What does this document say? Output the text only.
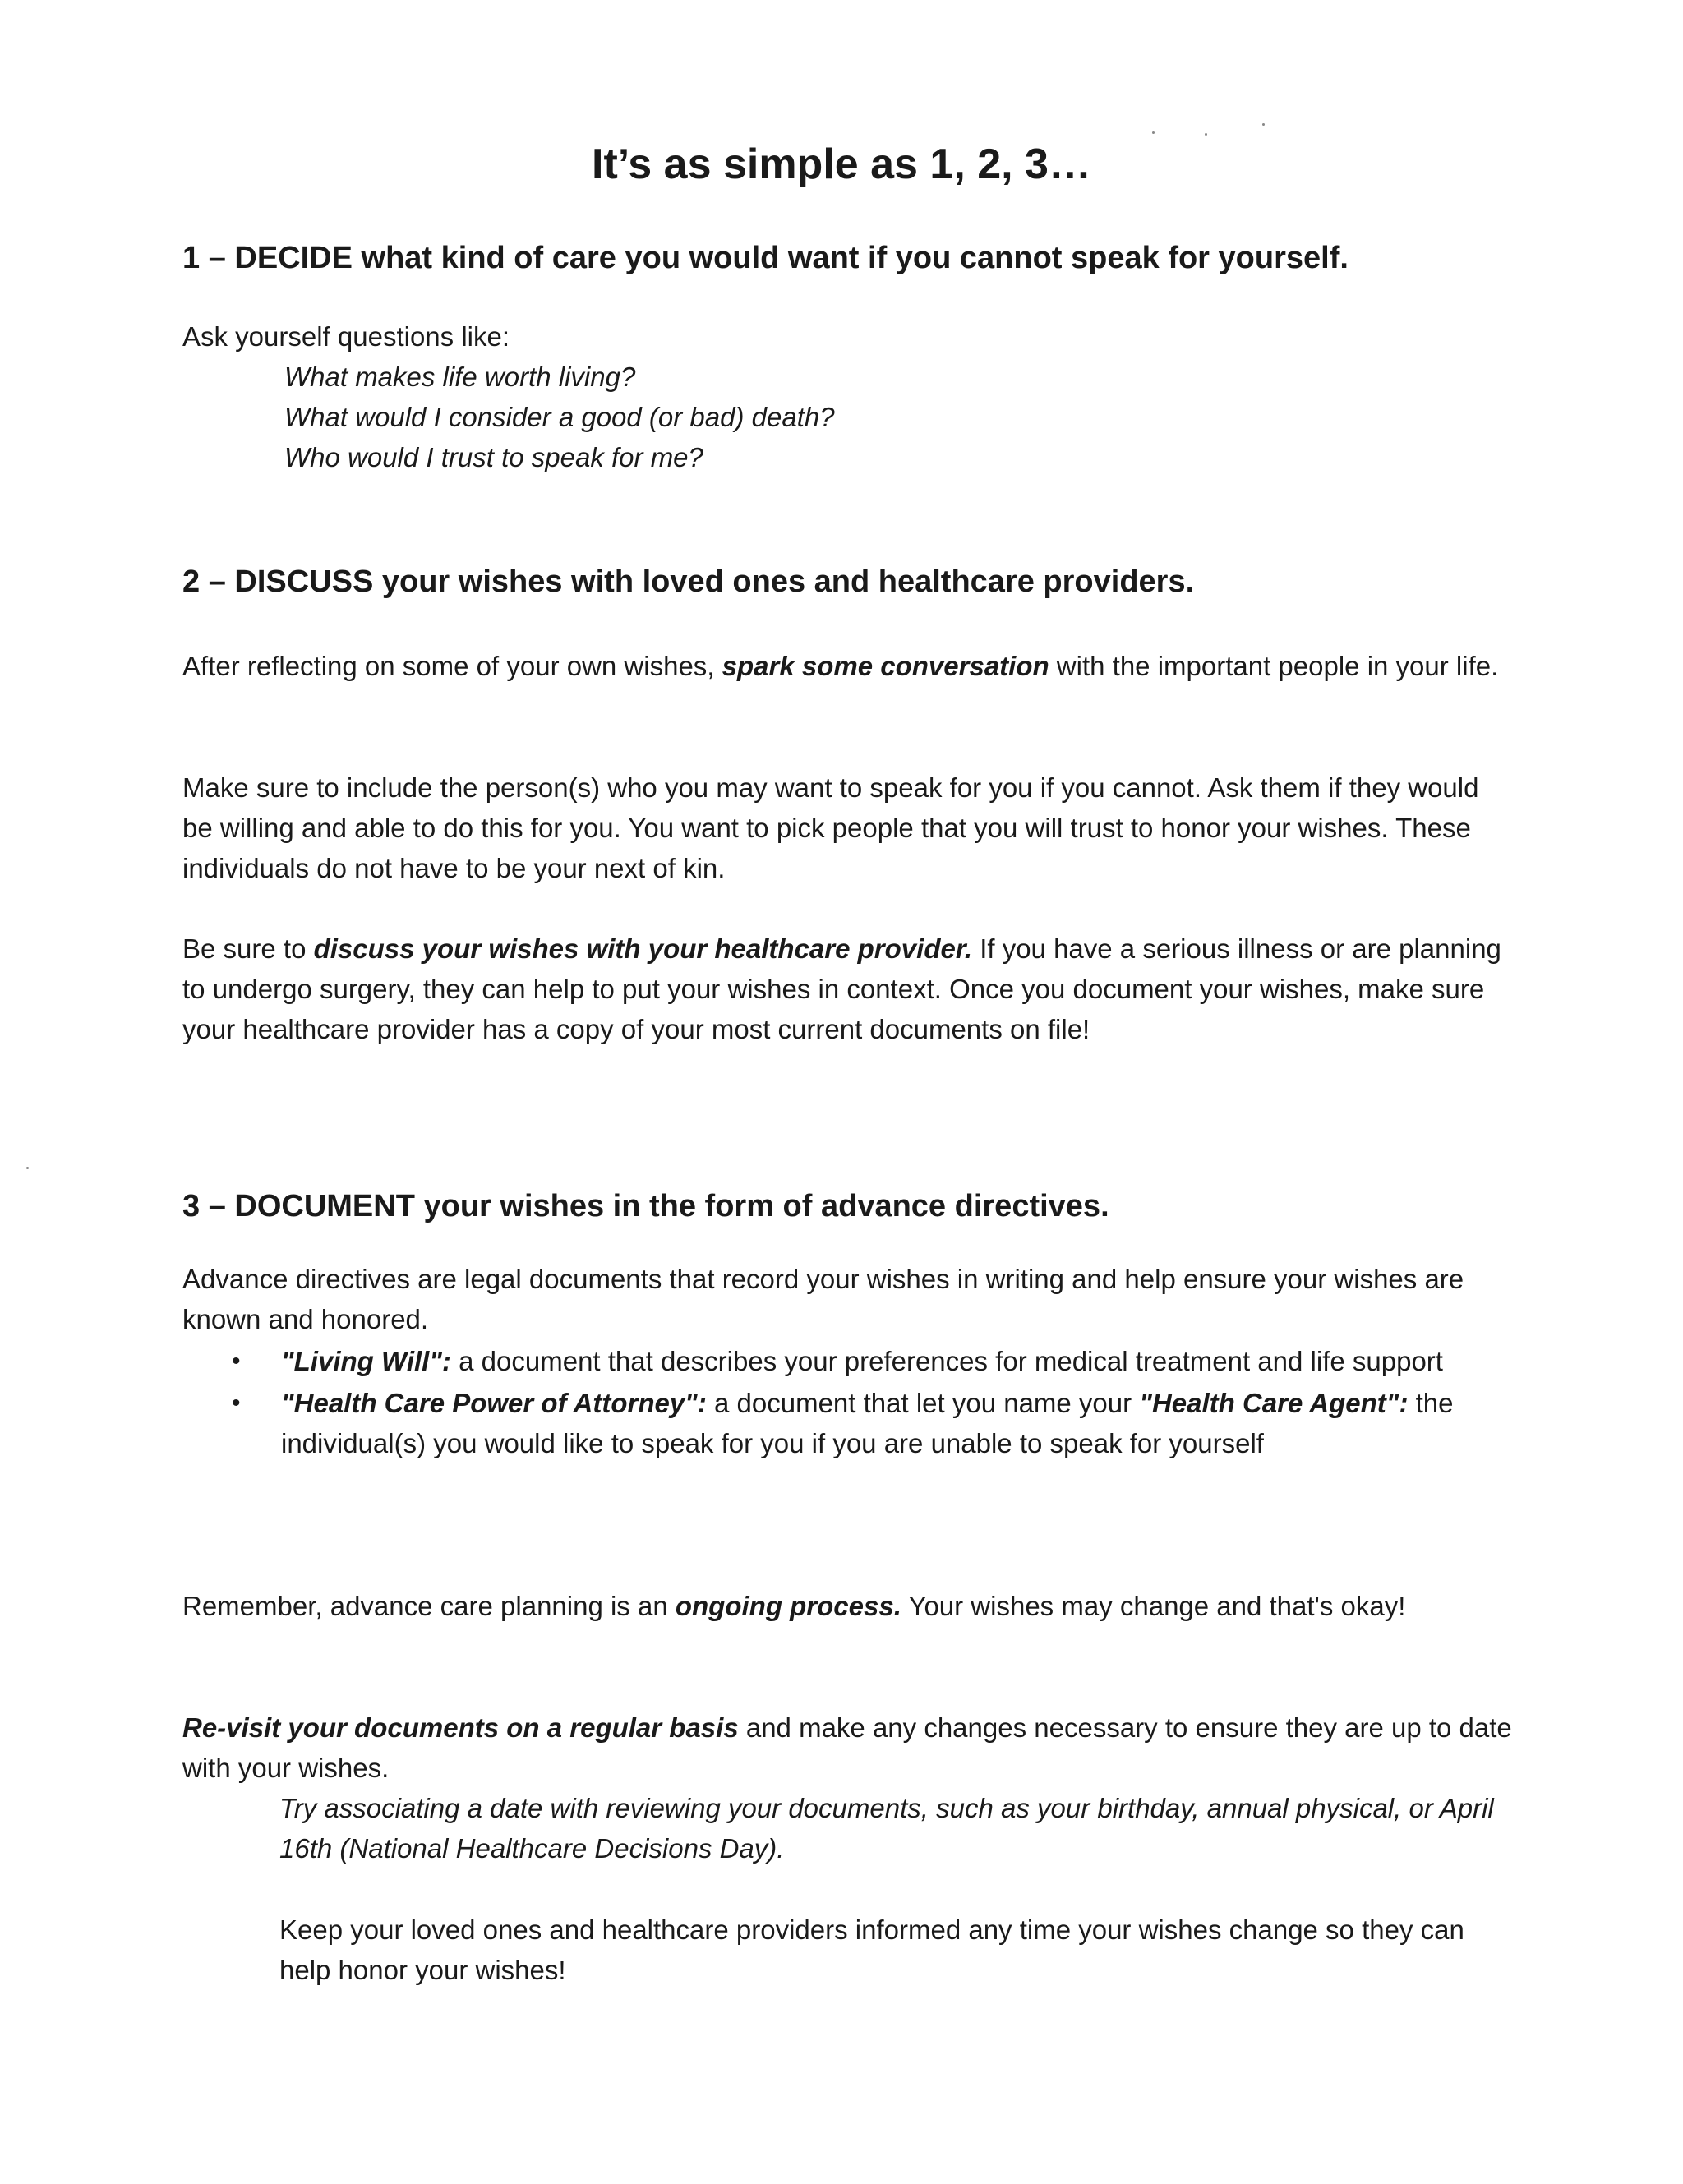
It’s as simple as 1, 2, 3…
1 – DECIDE what kind of care you would want if you cannot speak for yourself.

Ask yourself questions like:

What makes life worth living?
What would I consider a good (or bad) death?
Who would I trust to speak for me?
2 – DISCUSS your wishes with loved ones and healthcare providers.

After reflecting on some of your own wishes, spark some conversation with the important people in your life.

Make sure to include the person(s) who you may want to speak for you if you cannot. Ask them if they would be willing and able to do this for you. You want to pick people that you will trust to honor your wishes. These individuals do not have to be your next of kin.

Be sure to discuss your wishes with your healthcare provider. If you have a serious illness or are planning to undergo surgery, they can help to put your wishes in context. Once you document your wishes, make sure your healthcare provider has a copy of your most current documents on file!

3 – DOCUMENT your wishes in the form of advance directives.

Advance directives are legal documents that record your wishes in writing and help ensure your wishes are known and honored.

• "Living Will": a document that describes your preferences for medical treatment and life support
• "Health Care Power of Attorney": a document that let you name your "Health Care Agent": the individual(s) you would like to speak for you if you are unable to speak for yourself

Remember, advance care planning is an ongoing process. Your wishes may change and that's okay!

Re-visit your documents on a regular basis and make any changes necessary to ensure they are up to date with your wishes.

Try associating a date with reviewing your documents, such as your birthday, annual physical, or April 16th (National Healthcare Decisions Day).

Keep your loved ones and healthcare providers informed any time your wishes change so they can help honor your wishes!
